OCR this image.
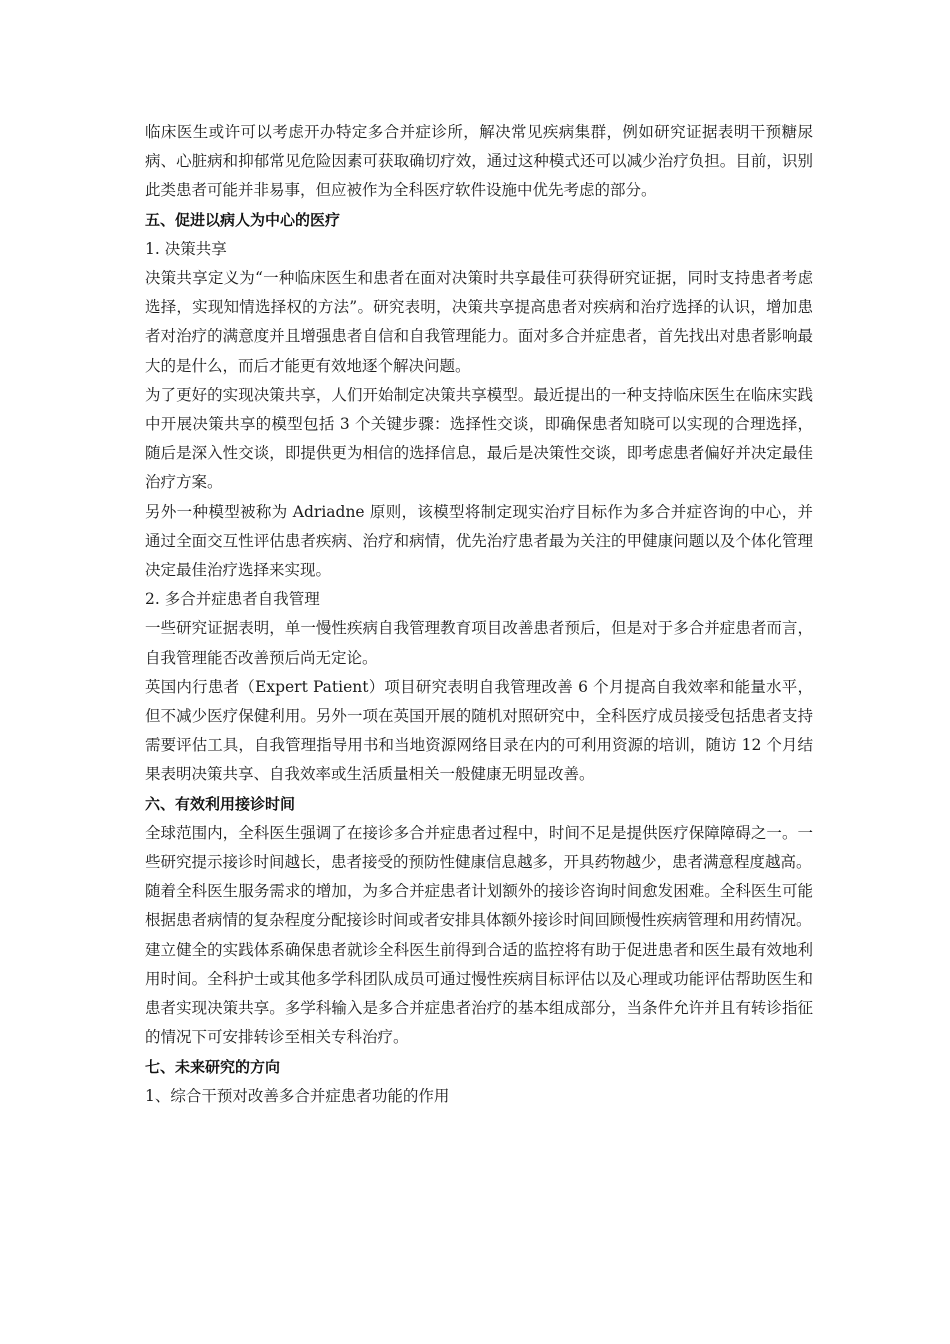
临床医生或许可以考虑开办特定多合并症诊所，解决常见疾病集群，例如研究证据表明干预糖尿病、心脏病和抑郁常见危险因素可获取确切疗效，通过这种模式还可以减少治疗负担。目前，识别此类患者可能并非易事，但应被作为全科医疗软件设施中优先考虑的部分。

五、促进以病人为中心的医疗

1. 决策共享

决策共享定义为“一种临床医生和患者在面对决策时共享最佳可获得研究证据，同时支持患者考虑选择，实现知情选择权的方法”。研究表明，决策共享提高患者对疾病和治疗选择的认识，增加患者对治疗的满意度并且增强患者自信和自我管理能力。面对多合并症患者，首先找出对患者影响最大的是什么，而后才能更有效地逐个解决问题。

为了更好的实现决策共享，人们开始制定决策共享模型。最近提出的一种支持临床医生在临床实践中开展决策共享的模型包括 3 个关键步骤：选择性交谈，即确保患者知晓可以实现的合理选择，随后是深入性交谈，即提供更为相信的选择信息，最后是决策性交谈，即考虑患者偏好并决定最佳治疗方案。

另外一种模型被称为 Adriadne 原则，该模型将制定现实治疗目标作为多合并症咨询的中心，并通过全面交互性评估患者疾病、治疗和病情，优先治疗患者最为关注的甲健康问题以及个体化管理决定最佳治疗选择来实现。

2. 多合并症患者自我管理

一些研究证据表明，单一慢性疾病自我管理教育项目改善患者预后，但是对于多合并症患者而言，自我管理能否改善预后尚无定论。

英国内行患者（Expert Patient）项目研究表明自我管理改善 6 个月提高自我效率和能量水平，但不减少医疗保健利用。另外一项在英国开展的随机对照研究中，全科医疗成员接受包括患者支持需要评估工具，自我管理指导用书和当地资源网络目录在内的可利用资源的培训，随访 12 个月结果表明决策共享、自我效率或生活质量相关一般健康无明显改善。

六、有效利用接诊时间

全球范围内，全科医生强调了在接诊多合并症患者过程中，时间不足是提供医疗保障障碍之一。一些研究提示接诊时间越长，患者接受的预防性健康信息越多，开具药物越少，患者满意程度越高。

随着全科医生服务需求的增加，为多合并症患者计划额外的接诊咨询时间愈发困难。全科医生可能根据患者病情的复杂程度分配接诊时间或者安排具体额外接诊时间回顾慢性疾病管理和用药情况。

建立健全的实践体系确保患者就诊全科医生前得到合适的监控将有助于促进患者和医生最有效地利用时间。全科护士或其他多学科团队成员可通过慢性疾病目标评估以及心理或功能评估帮助医生和患者实现决策共享。多学科输入是多合并症患者治疗的基本组成部分，当条件允许并且有转诊指征的情况下可安排转诊至相关专科治疗。

七、未来研究的方向

1、综合干预对改善多合并症患者功能的作用
